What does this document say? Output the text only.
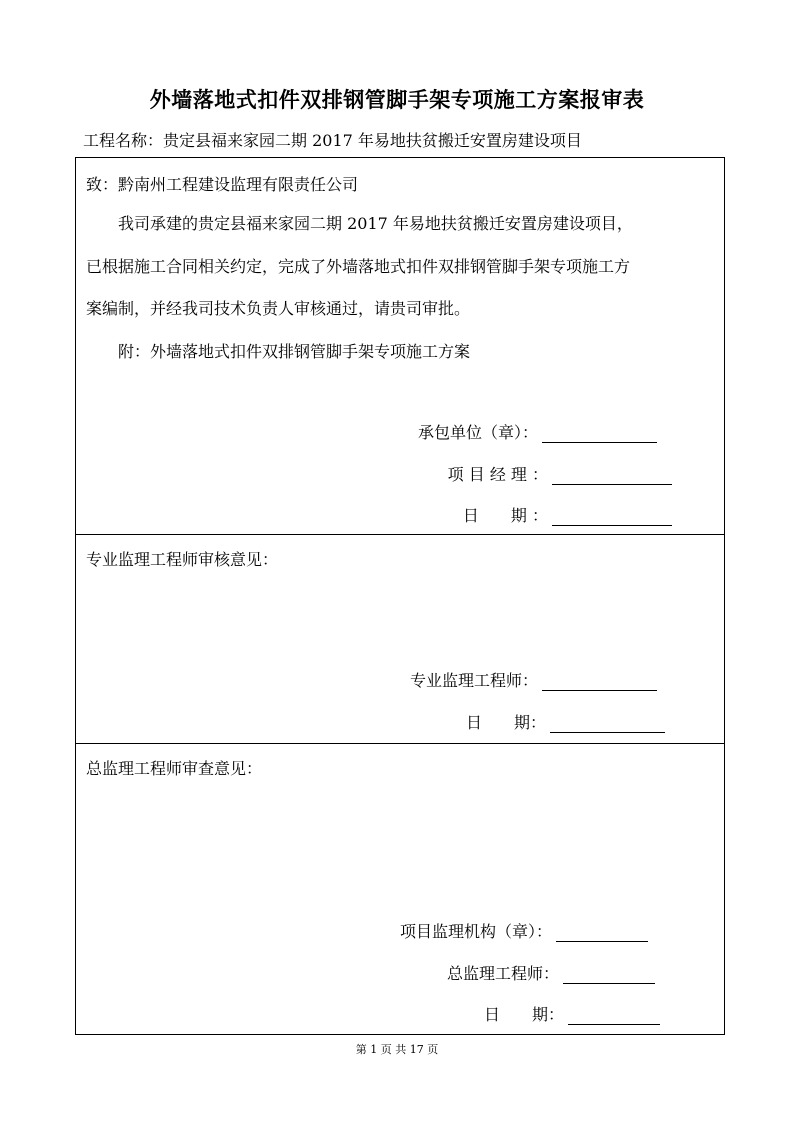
外墙落地式扣件双排钢管脚手架专项施工方案报审表
工程名称：贵定县福来家园二期 2017 年易地扶贫搬迁安置房建设项目
致：黔南州工程建设监理有限责任公司
我司承建的贵定县福来家园二期 2017 年易地扶贫搬迁安置房建设项目，
已根据施工合同相关约定，完成了外墙落地式扣件双排钢管脚手架专项施工方
案编制，并经我司技术负责人审核通过，请贵司审批。
附：外墙落地式扣件双排钢管脚手架专项施工方案
承包单位（章）：
项 目 经 理 ：
日　　期 ：
专业监理工程师审核意见：
专业监理工程师：
日　　期：
总监理工程师审查意见：
项目监理机构（章）：
总监理工程师：
日　　期：
第 1 页 共 17 页
